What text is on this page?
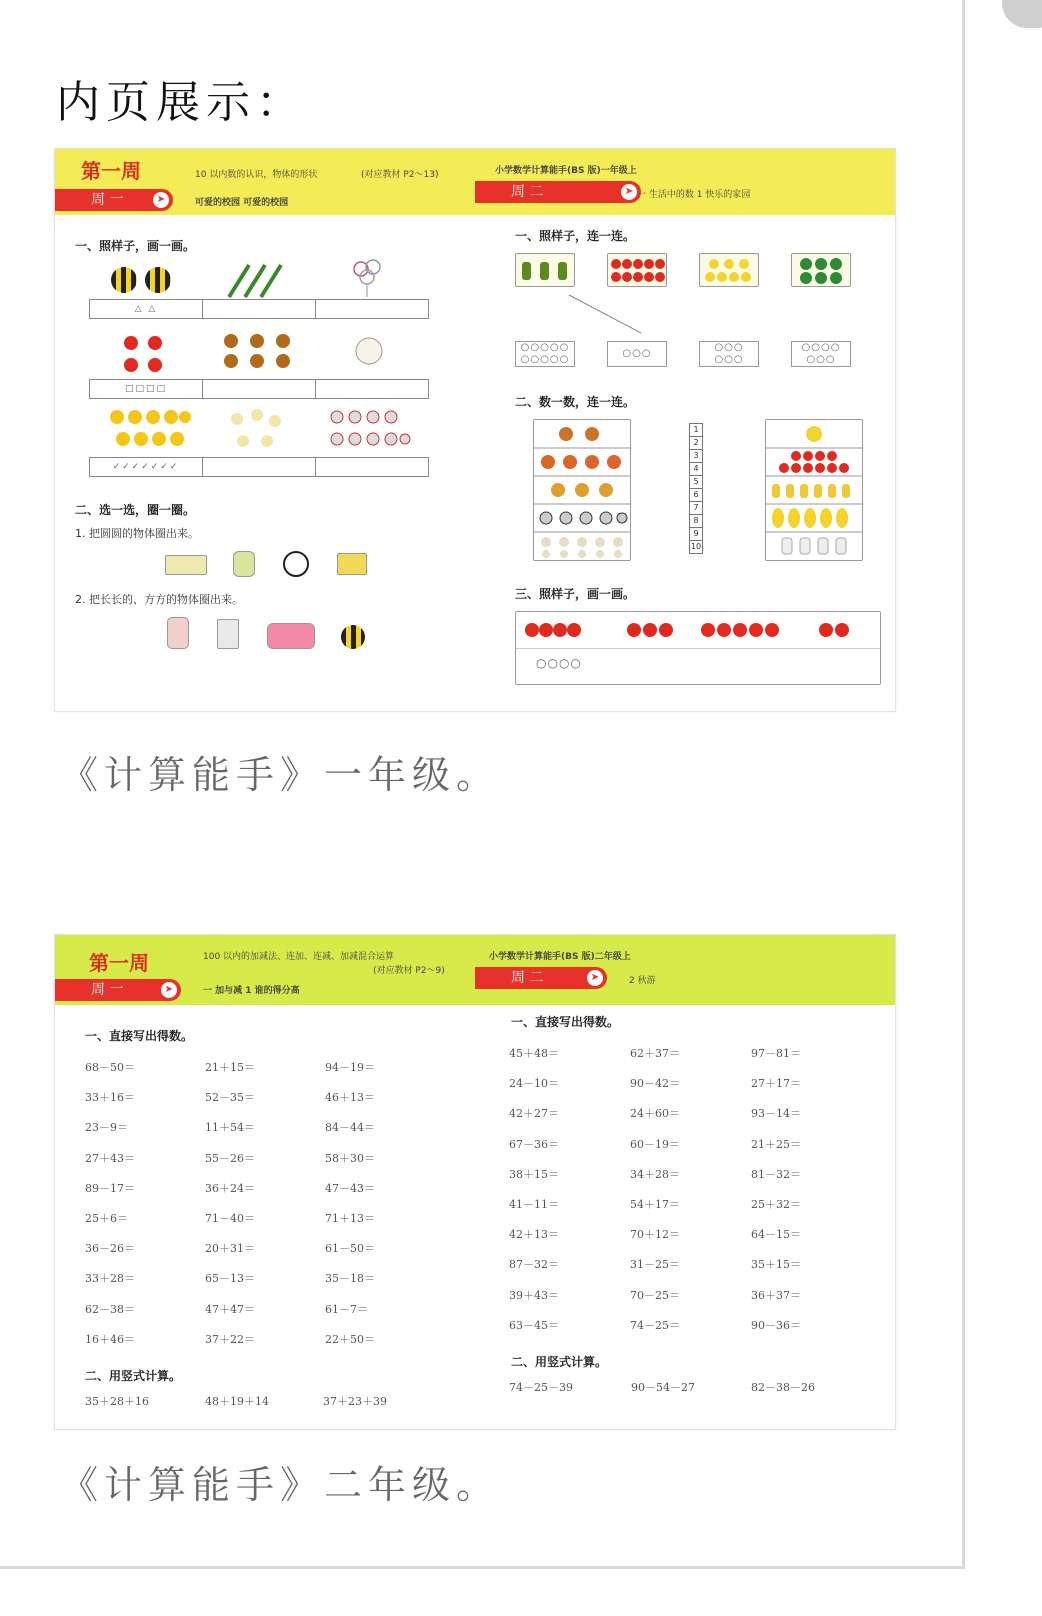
内页展示：
第一周
周 一	➤
10 以内数的认识，物体的形状	(对应教材 P2～13)
可爱的校园 可爱的校园
小学数学计算能手(BS 版)一年级上
周 二	➤ 一 生活中的数 1 快乐的家园
一、照样子，画一画。
△ △
□□□□
✓✓✓✓✓✓✓
二、选一选，圈一圈。
1. 把圆圆的物体圈出来。
2. 把长长的、方方的物体圈出来。
一、照样子，连一连。
○○○○○
○○○○○
○○○
○○○
○○○
○○○○
○○○
二、数一数，连一连。
1
2
3
4
5
6
7
8
9
10
三、照样子，画一画。
○○○○
《计算能手》一年级。
第一周
周 一	➤
100 以内的加减法、连加、连减、加减混合运算
(对应教材 P2～9)
一 加与减 1 谁的得分高
小学数学计算能手(BS 版)二年级上
周 二	➤	2 秋游
一、直接写出得数。
68－50＝	21＋15＝	94－19＝
33＋16＝	52－35＝	46＋13＝
23－9＝	11＋54＝	84－44＝
27＋43＝	55－26＝	58＋30＝
89－17＝	36＋24＝	47－43＝
25＋6＝	71－40＝	71＋13＝
36－26＝	20＋31＝	61－50＝
33＋28＝	65－13＝	35－18＝
62－38＝	47＋47＝	61－7＝
16＋46＝	37＋22＝	22＋50＝
二、用竖式计算。
35＋28＋16	48＋19＋14	37＋23＋39
一、直接写出得数。
45＋48＝	62＋37＝	97－81＝
24－10＝	90－42＝	27＋17＝
42＋27＝	24＋60＝	93－14＝
67－36＝	60－19＝	21＋25＝
38＋15＝	34＋28＝	81－32＝
41－11＝	54＋17＝	25＋32＝
42＋13＝	70＋12＝	64－15＝
87－32＝	31－25＝	35＋15＝
39＋43＝	70－25＝	36＋37＝
63－45＝	74－25＝	90－36＝
二、用竖式计算。
74－25－39	90－54－27	82－38－26
《计算能手》二年级。
